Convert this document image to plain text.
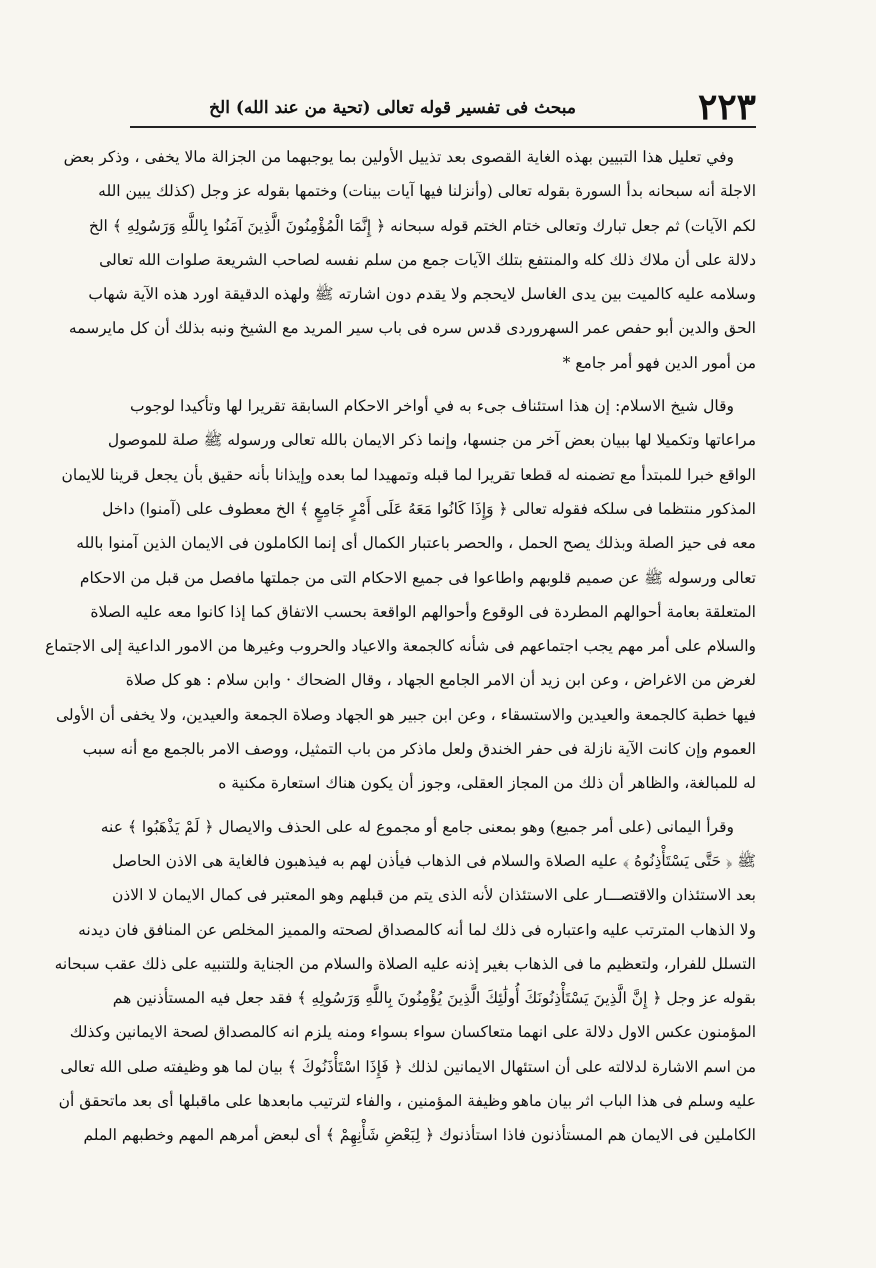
٢٢٣
مبحث فى تفسير قوله تعالى (تحية من عند الله) الخ
وفي تعليل هذا التبيين بهذه الغاية القصوى بعد تذييل الأولين بما يوجبهما من الجزالة مالا يخفى ، وذكر بعض
الاجلة أنه سبحانه بدأ السورة بقوله تعالى (وأنزلنا فيها آيات بينات) وختمها بقوله عز وجل (كذلك يبين الله
لكم الآيات) ثم جعل تبارك وتعالى ختام الختم قوله سبحانه ﴿ إِنَّمَا الْمُؤْمِنُونَ الَّذِينَ آمَنُوا بِاللَّهِ وَرَسُولِهِ ﴾ الخ
دلالة على أن ملاك ذلك كله والمنتفع بتلك الآيات جمع من سلم نفسه لصاحب الشريعة صلوات الله تعالى
وسلامه عليه كالميت بين يدى الغاسل لايحجم ولا يقدم دون اشارته ﷺ ولهذه الدقيقة اورد هذه الآية شهاب
الحق والدين أبو حفص عمر السهروردى قدس سره فى باب سير المريد مع الشيخ ونبه بذلك أن كل مايرسمه
من أمور الدين فهو أمر جامع *
وقال شيخ الاسلام: إن هذا استئناف جىء به في أواخر الاحكام السابقة تقريرا لها وتأكيدا لوجوب
مراعاتها وتكميلا لها ببيان بعض آخر من جنسها، وإنما ذكر الايمان بالله تعالى ورسوله ﷺ صلة للموصول
الواقع خبرا للمبتدأ مع تضمنه له قطعا تقريرا لما قبله وتمهيدا لما بعده وإيذانا بأنه حقيق بأن يجعل قرينا للايمان
المذكور منتظما فى سلكه فقوله تعالى ﴿ وَإِذَا كَانُوا مَعَهُ عَلَى أَمْرٍ جَامِعٍ ﴾ الخ معطوف على (آمنوا) داخل
معه فى حيز الصلة وبذلك يصح الحمل ، والحصر باعتبار الكمال أى إنما الكاملون فى الايمان الذين آمنوا بالله
تعالى ورسوله ﷺ عن صميم قلوبهم واطاعوا فى جميع الاحكام التى من جملتها مافصل من قبل من الاحكام
المتعلقة بعامة أحوالهم المطردة فى الوقوع وأحوالهم الواقعة بحسب الاتفاق كما إذا كانوا معه عليه الصلاة
والسلام على أمر مهم يجب اجتماعهم فى شأنه كالجمعة والاعياد والحروب وغيرها من الامور الداعية إلى الاجتماع
لغرض من الاغراض ، وعن ابن زيد أن الامر الجامع الجهاد ، وقال الضحاك · وابن سلام : هو كل صلاة
فيها خطبة كالجمعة والعيدين والاستسقاء ، وعن ابن جبير هو الجهاد وصلاة الجمعة والعيدين، ولا يخفى أن الأولى
العموم وإن كانت الآية نازلة فى حفر الخندق ولعل ماذكر من باب التمثيل، ووصف الامر بالجمع مع أنه سبب
له للمبالغة، والظاهر أن ذلك من المجاز العقلى، وجوز أن يكون هناك استعارة مكنية ه
وقرأ اليمانى (على أمر جميع) وهو بمعنى جامع أو مجموع له على الحذف والايصال ﴿ لَمْ يَذْهَبُوا ﴾ عنه
ﷺ ﴿ حَتَّى يَسْتَأْذِنُوهُ ﴾ عليه الصلاة والسلام فى الذهاب فيأذن لهم به فيذهبون فالغاية هى الاذن الحاصل
بعد الاستئذان والاقتصـــار على الاستئذان لأنه الذى يتم من قبلهم وهو المعتبر فى كمال الايمان لا الاذن
ولا الذهاب المترتب عليه واعتباره فى ذلك لما أنه كالمصداق لصحته والمميز المخلص عن المنافق فان ديدنه
التسلل للفرار، ولتعظيم ما فى الذهاب بغير إذنه عليه الصلاة والسلام من الجناية وللتنبيه على ذلك عقب سبحانه
بقوله عز وجل ﴿ إِنَّ الَّذِينَ يَسْتَأْذِنُونَكَ أُولَٰئِكَ الَّذِينَ يُؤْمِنُونَ بِاللَّهِ وَرَسُولِهِ ﴾ فقد جعل فيه المستأذنين هم
المؤمنون عكس الاول دلالة على انهما متعاكسان سواء بسواء ومنه يلزم انه كالمصداق لصحة الايمانين وكذلك
من اسم الاشارة لدلالته على أن استئهال الايمانين لذلك ﴿ فَإِذَا اسْتَأْذَنُوكَ ﴾ بيان لما هو وظيفته صلى الله تعالى
عليه وسلم فى هذا الباب اثر بيان ماهو وظيفة المؤمنين ، والفاء لترتيب مابعدها على ماقبلها أى بعد ماتحقق أن
الكاملين فى الايمان هم المستأذنون فاذا استأذنوك ﴿ لِبَعْضِ شَأْنِهِمْ ﴾ أى لبعض أمرهم المهم وخطبهم الملم
